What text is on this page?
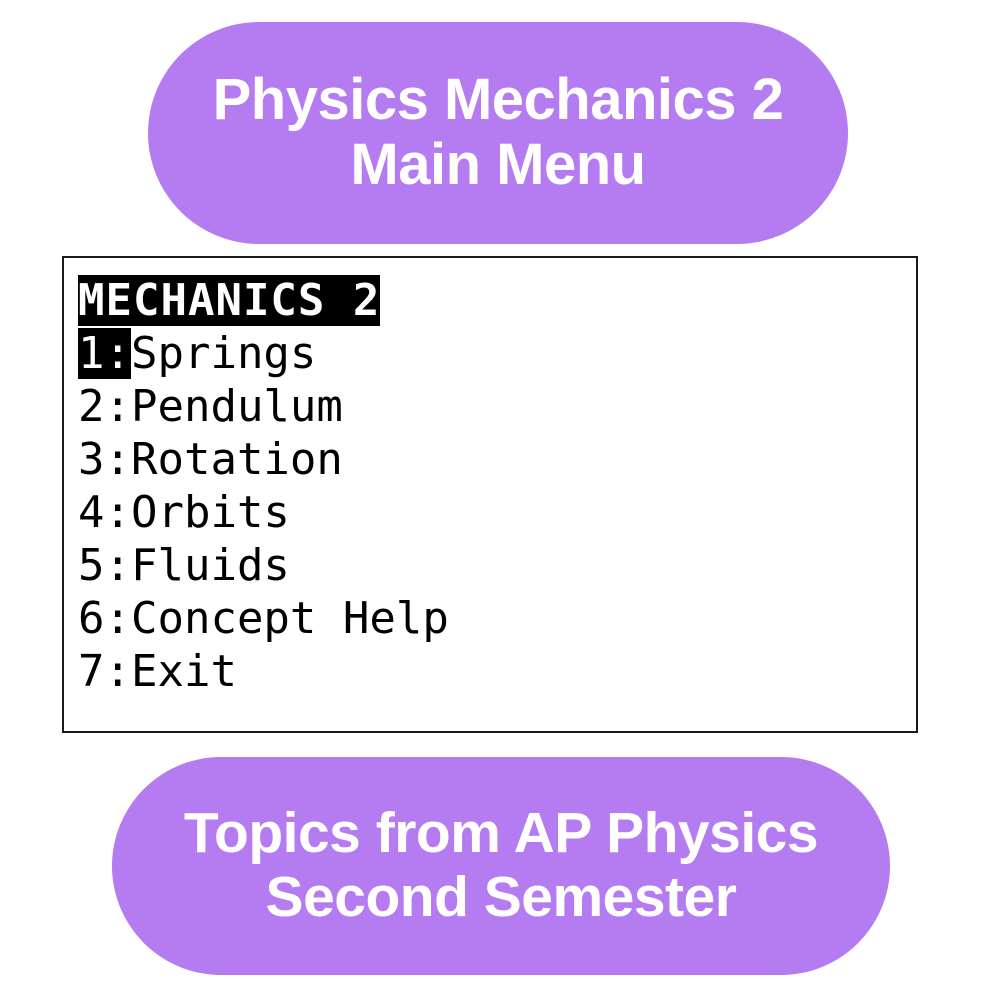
Physics Mechanics 2
Main Menu
MECHANICS 2
1:Springs
2:Pendulum
3:Rotation
4:Orbits
5:Fluids
6:Concept Help
7:Exit
Topics from AP Physics
Second Semester
